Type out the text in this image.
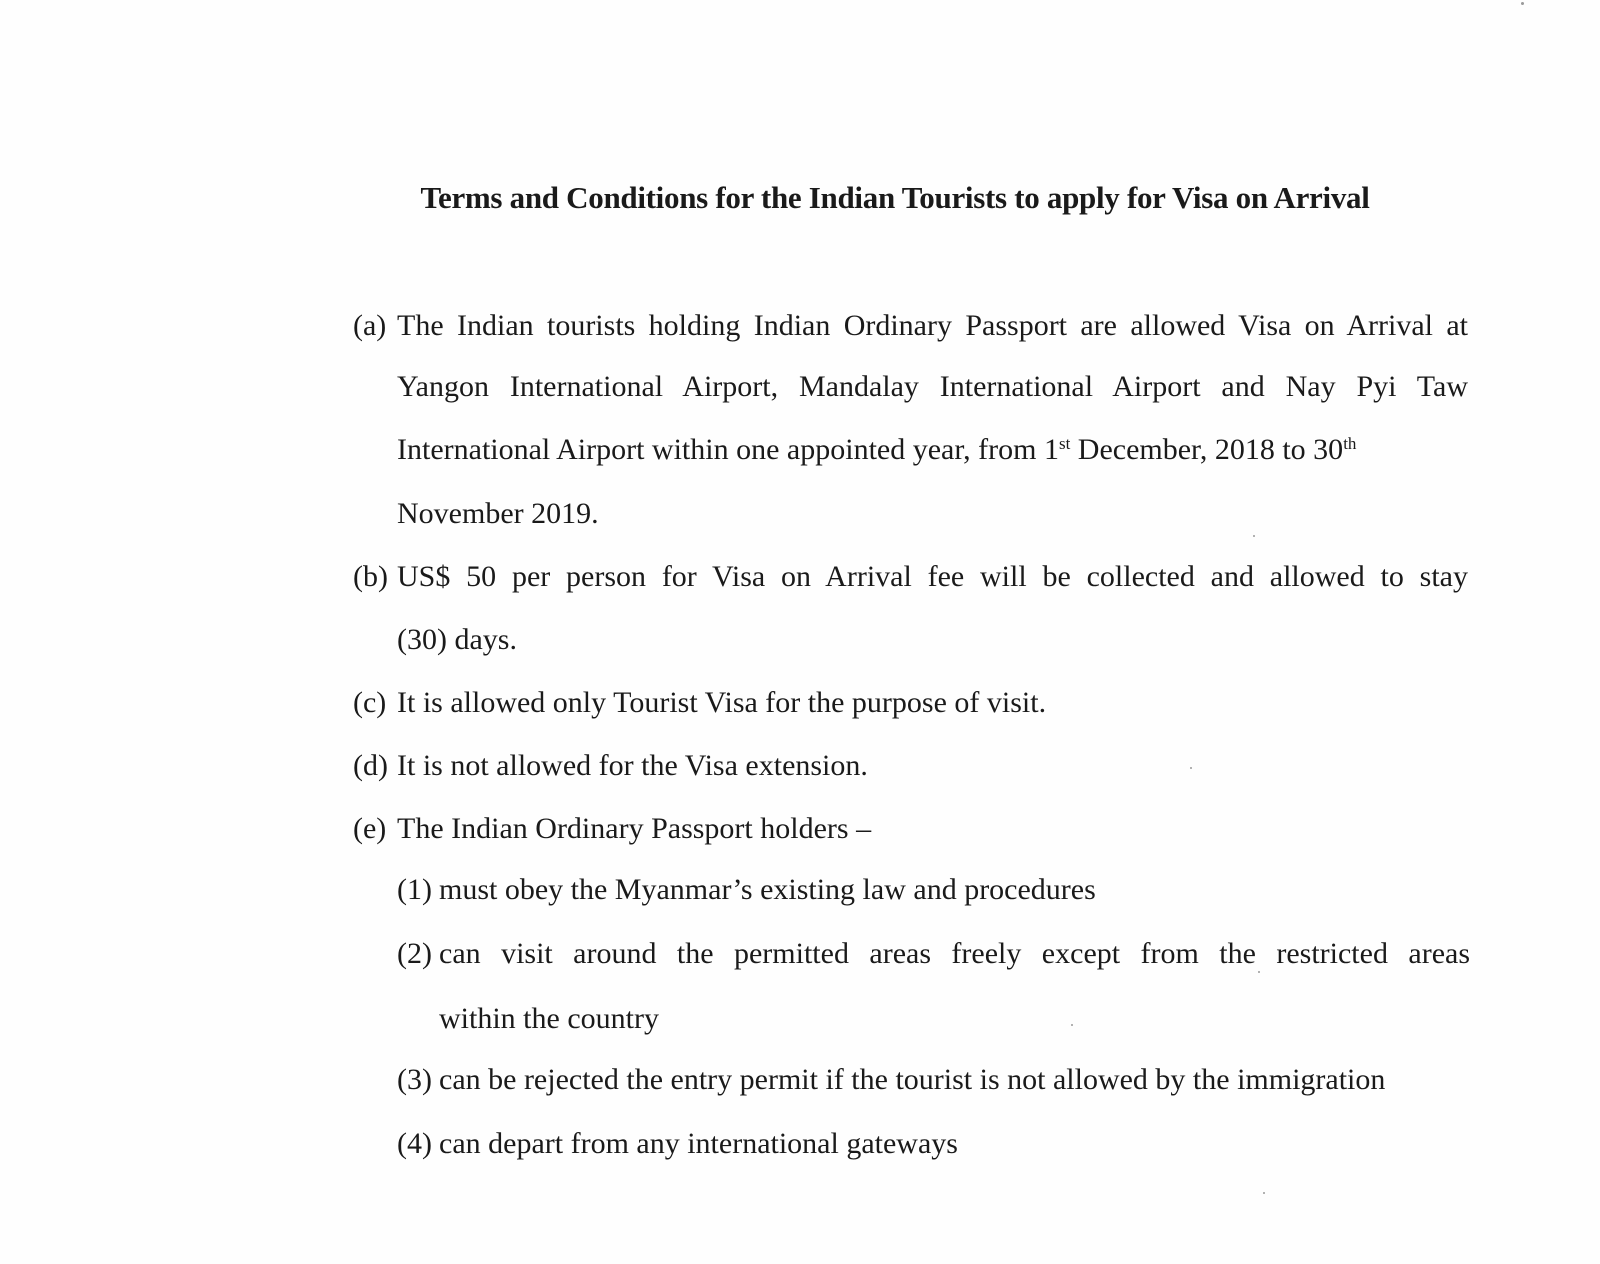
Terms and Conditions for the Indian Tourists to apply for Visa on Arrival
(a) The Indian tourists holding Indian Ordinary Passport are allowed Visa on Arrival at
Yangon International Airport, Mandalay International Airport and Nay Pyi Taw
International Airport within one appointed year, from 1st December, 2018 to 30th
November 2019.
(b) US$ 50 per person for Visa on Arrival fee will be collected and allowed to stay
(30) days.
(c) It is allowed only Tourist Visa for the purpose of visit.
(d) It is not allowed for the Visa extension.
(e) The Indian Ordinary Passport holders –
(1) must obey the Myanmar’s existing law and procedures
(2) can visit around the permitted areas freely except from the restricted areas
within the country
(3) can be rejected the entry permit if the tourist is not allowed by the immigration
(4) can depart from any international gateways
